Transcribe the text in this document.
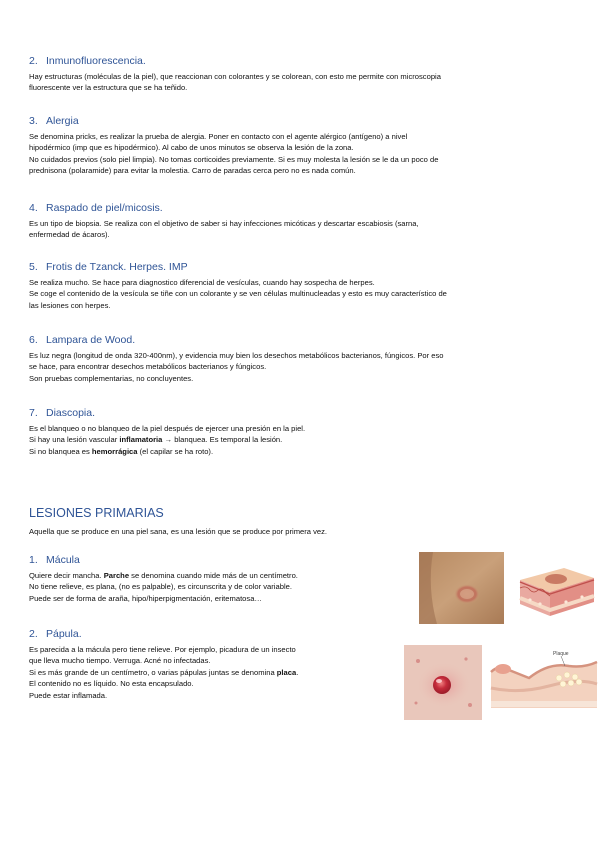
2. Inmunofluorescencia.

Hay estructuras (moléculas de la piel), que reaccionan con colorantes y se colorean, con esto me permite con microscopia

fluorescente ver la estructura que se ha teñido.

3. Alergia

Se denomina pricks, es realizar la prueba de alergia. Poner en contacto con el agente alérgico (antígeno) a nivel

hipodérmico (imp que es hipodérmico). Al cabo de unos minutos se observa la lesión de la zona.

No cuidados previos (solo piel limpia). No tomas corticoides previamente. Si es muy molesta la lesión se le da un poco de

prednisona (polaramide) para evitar la molestia. Carro de paradas cerca pero no es nada común.

4. Raspado de piel/micosis.

Es un tipo de biopsia. Se realiza con el objetivo de saber si hay infecciones micóticas y descartar escabiosis (sarna,

enfermedad de ácaros).

5. Frotis de Tzanck. Herpes. IMP

Se realiza mucho. Se hace para diagnostico diferencial de vesículas, cuando hay sospecha de herpes.

Se coge el contenido de la vesícula se tiñe con un colorante y se ven células multinucleadas y esto es muy característico de

las lesiones con herpes.

6. Lampara de Wood.

Es luz negra (longitud de onda 320-400nm), y evidencia muy bien los desechos metabólicos bacterianos, fúngicos. Por eso

se hace, para encontrar desechos metabólicos bacterianos y fúngicos.

Son pruebas complementarias, no concluyentes.

7. Diascopia.

Es el blanqueo o no blanqueo de la piel después de ejercer una presión en la piel.

Si hay una lesión vascular inflamatoria → blanquea. Es temporal la lesión.

Si no blanquea es hemorrágica (el capilar se ha roto).

LESIONES PRIMARIAS

Aquella que se produce en una piel sana, es una lesión que se produce por primera vez.

1. Mácula

Quiere decir mancha. Parche se denomina cuando mide más de un centímetro.

No tiene relieve, es plana, (no es palpable), es circunscrita y de color variable.

Puede ser de forma de araña, hipo/hiperpigmentación, eritematosa…

2. Pápula.

Es parecida a la mácula pero tiene relieve. Por ejemplo, picadura de un insecto

que lleva mucho tiempo. Verruga. Acné no infectadas.

Si es más grande de un centímetro, o varias pápulas juntas se denomina placa.

El contenido no es líquido. No esta encapsulado.

Puede estar inflamada.

Plaque
